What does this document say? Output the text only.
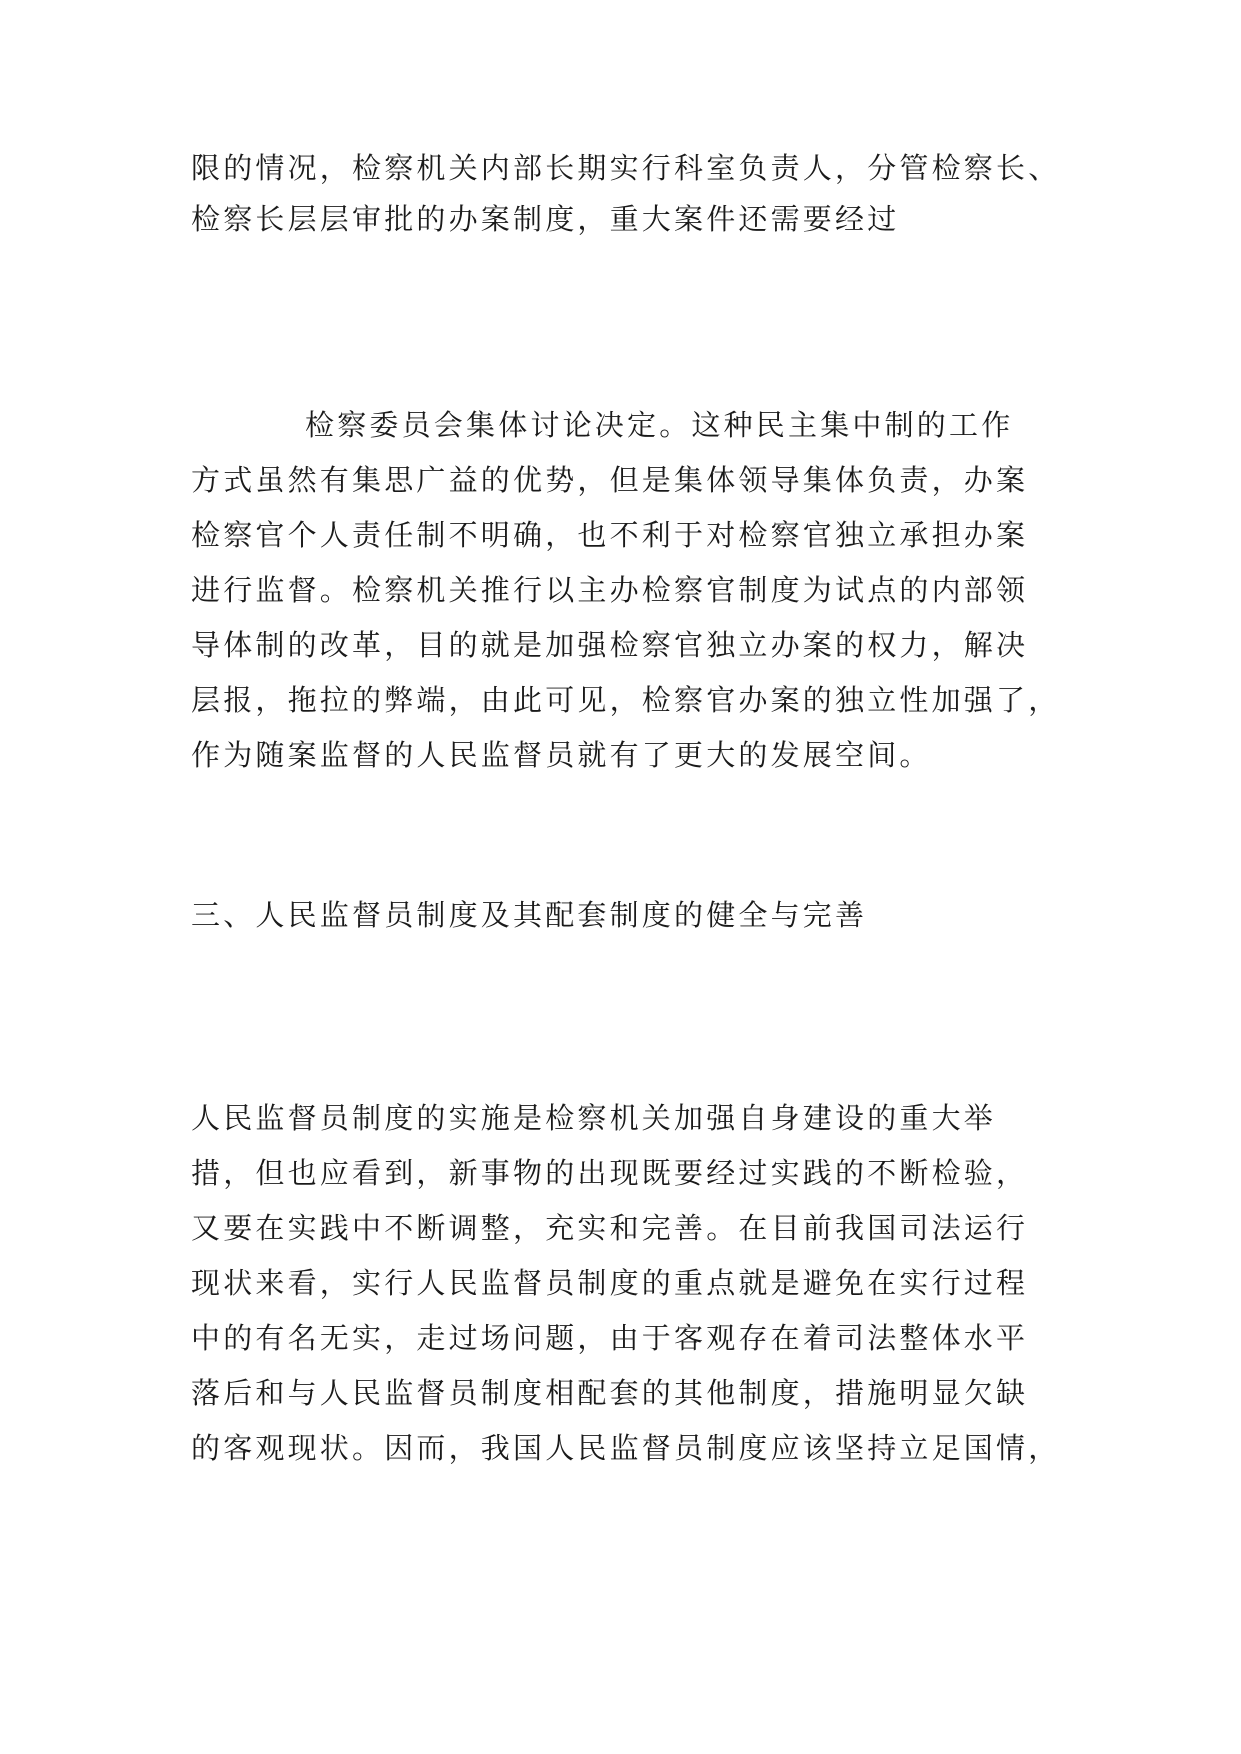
限的情况，检察机关内部长期实行科室负责人，分管检察长、
检察长层层审批的办案制度，重大案件还需要经过
检察委员会集体讨论决定。这种民主集中制的工作
方式虽然有集思广益的优势，但是集体领导集体负责，办案
检察官个人责任制不明确，也不利于对检察官独立承担办案
进行监督。检察机关推行以主办检察官制度为试点的内部领
导体制的改革，目的就是加强检察官独立办案的权力，解决
层报，拖拉的弊端，由此可见，检察官办案的独立性加强了，
作为随案监督的人民监督员就有了更大的发展空间。
三、人民监督员制度及其配套制度的健全与完善
人民监督员制度的实施是检察机关加强自身建设的重大举
措，但也应看到，新事物的出现既要经过实践的不断检验，
又要在实践中不断调整，充实和完善。在目前我国司法运行
现状来看，实行人民监督员制度的重点就是避免在实行过程
中的有名无实，走过场问题，由于客观存在着司法整体水平
落后和与人民监督员制度相配套的其他制度，措施明显欠缺
的客观现状。因而，我国人民监督员制度应该坚持立足国情，
